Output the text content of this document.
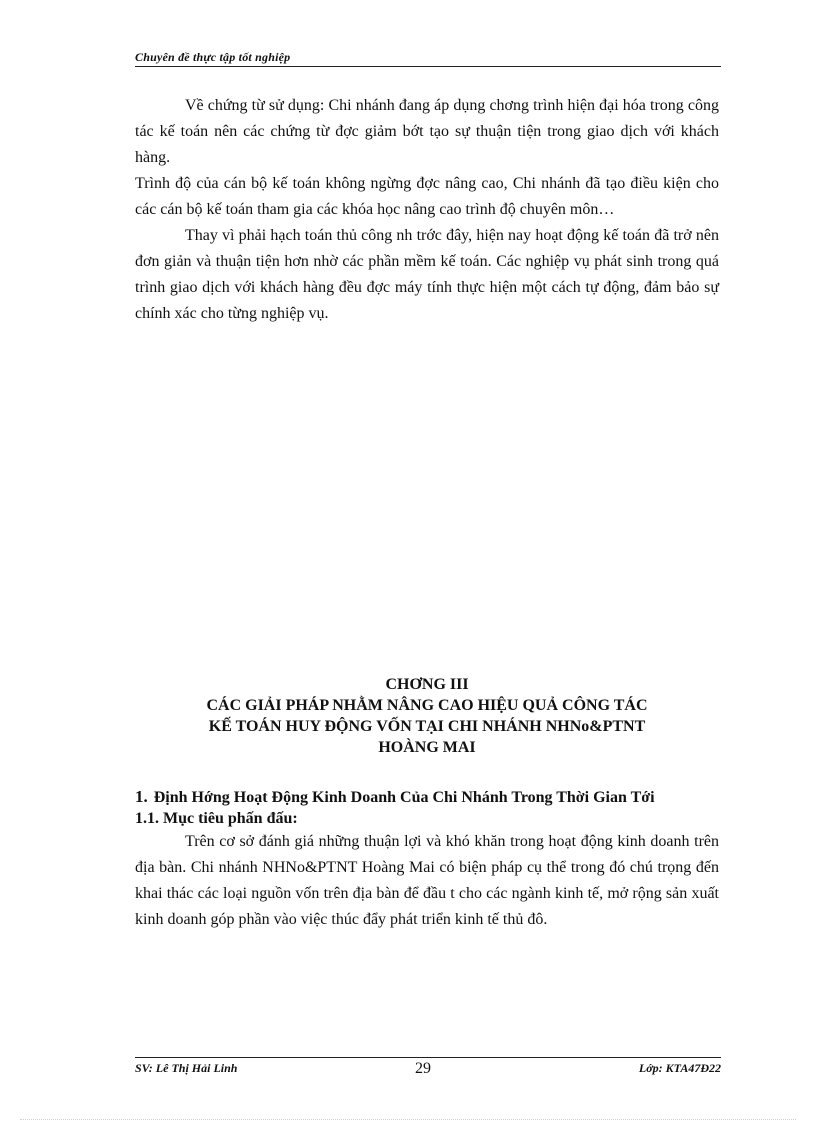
Chuyên đề thực tập tốt nghiệp

Về chứng từ sử dụng: Chi nhánh đang áp dụng chơng trình hiện đại hóa trong công tác kế toán nên các chứng từ đợc giảm bớt tạo sự thuận tiện trong giao dịch với khách hàng.

Trình độ của cán bộ kế toán không ngừng đợc nâng cao, Chi nhánh đã tạo điều kiện cho các cán bộ kế toán tham gia các khóa học nâng cao trình độ chuyên môn…

Thay vì phải hạch toán thủ công nh trớc đây, hiện nay hoạt động kế toán đã trở nên đơn giản và thuận tiện hơn nhờ các phần mềm kế toán. Các nghiệp vụ phát sinh trong quá trình giao dịch với khách hàng đều đợc máy tính thực hiện một cách tự động, đảm bảo sự chính xác cho từng nghiệp vụ.

CHƠNG III
CÁC GIẢI PHÁP NHẰM NÂNG CAO HIỆU QUẢ CÔNG TÁC
KẾ TOÁN HUY ĐỘNG VỐN TẠI CHI NHÁNH NHNo&PTNT
HOÀNG MAI
1. Định Hớng Hoạt Động Kinh Doanh Của Chi Nhánh Trong Thời Gian Tới
1.1. Mục tiêu phấn đấu:

Trên cơ sở đánh giá những thuận lợi và khó khăn trong hoạt động kinh doanh trên địa bàn. Chi nhánh NHNo&PTNT Hoàng Mai có biện pháp cụ thể trong đó chú trọng đến khai thác các loại nguồn vốn trên địa bàn để đầu t cho các ngành kinh tế, mở rộng sản xuất kinh doanh góp phần vào việc thúc đẩy phát triển kinh tế thủ đô.

SV: Lê Thị Hải Linh	29	Lớp: KTA47Đ22
